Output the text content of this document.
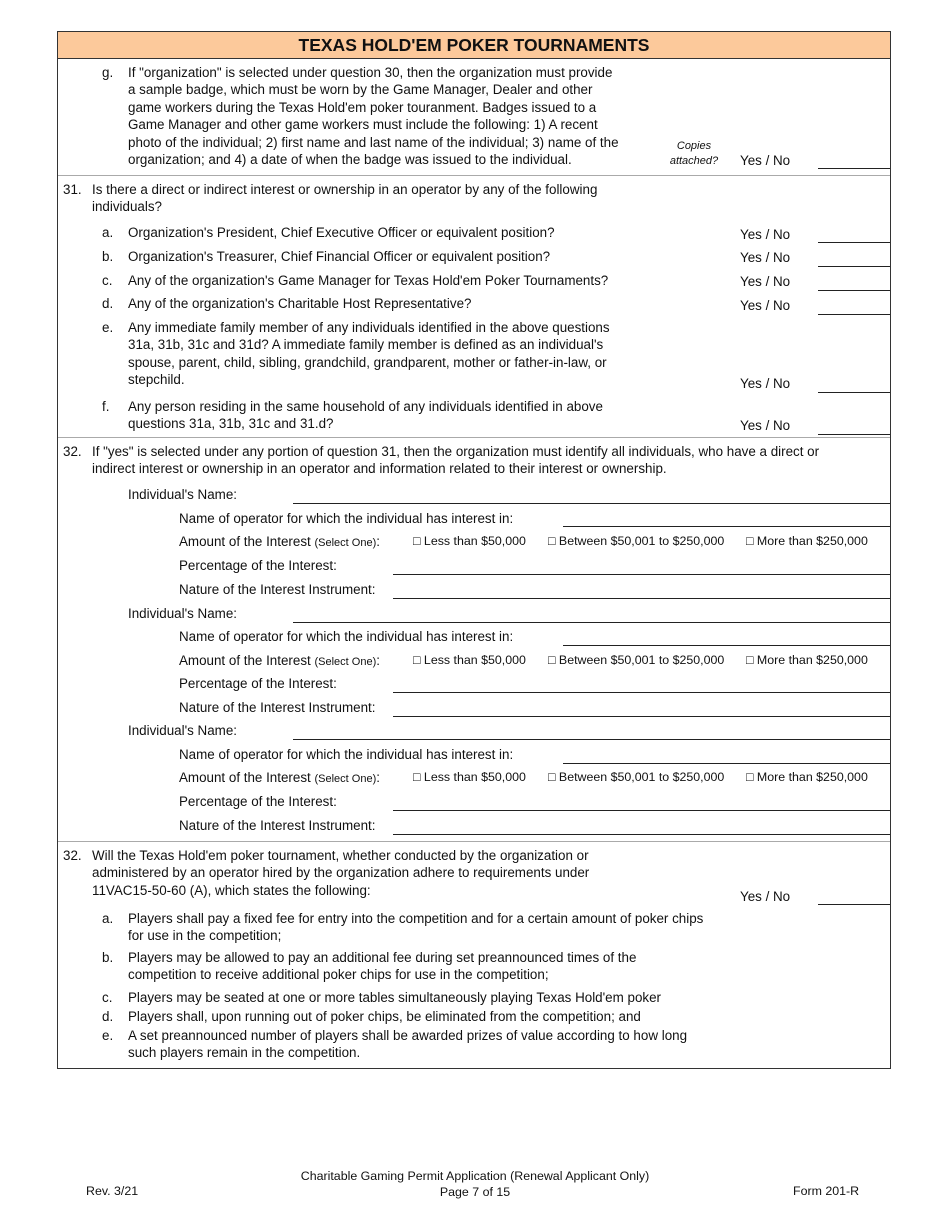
TEXAS HOLD'EM POKER TOURNAMENTS
g. If "organization" is selected under question 30, then the organization must provide
a sample badge, which must be worn by the Game Manager, Dealer and other
game workers during the Texas Hold'em poker touranment. Badges issued to a
Game Manager and other game workers must include the following: 1) A recent
photo of the individual; 2) first name and last name of the individual; 3) name of the
organization; and 4) a date of when the badge was issued to the individual.
Copies
attached? Yes / No
31. Is there a direct or indirect interest or ownership in an operator by any of the following
individuals?
a. Organization's President, Chief Executive Officer or equivalent position?	Yes / No
b. Organization's Treasurer, Chief Financial Officer or equivalent position?	Yes / No
c. Any of the organization's Game Manager for Texas Hold'em Poker Tournaments?	Yes / No
d. Any of the organization's Charitable Host Representative?	Yes / No
e. Any immediate family member of any individuals identified in the above questions
31a, 31b, 31c and 31d? A immediate family member is defined as an individual's
spouse, parent, child, sibling, grandchild, grandparent, mother or father-in-law, or
stepchild.	Yes / No
f. Any person residing in the same household of any individuals identified in above
questions 31a, 31b, 31c and 31.d?	Yes / No
32. If "yes" is selected under any portion of question 31, then the organization must identify all individuals, who have a direct or
indirect interest or ownership in an operator and information related to their interest or ownership.
Individual's Name:
Name of operator for which the individual has interest in:
Amount of the Interest (Select One):	□ Less than $50,000 □ Between $50,001 to $250,000 □ More than $250,000
Percentage of the Interest:
Nature of the Interest Instrument:
Individual's Name:
Name of operator for which the individual has interest in:
Amount of the Interest (Select One):	□ Less than $50,000 □ Between $50,001 to $250,000 □ More than $250,000
Percentage of the Interest:
Nature of the Interest Instrument:
Individual's Name:
Name of operator for which the individual has interest in:
Amount of the Interest (Select One):	□ Less than $50,000 □ Between $50,001 to $250,000 □ More than $250,000
Percentage of the Interest:
Nature of the Interest Instrument:
32. Will the Texas Hold'em poker tournament, whether conducted by the organization or
administered by an operator hired by the organization adhere to requirements under
11VAC15-50-60 (A), which states the following:	Yes / No
a. Players shall pay a fixed fee for entry into the competition and for a certain amount of poker chips
for use in the competition;
b. Players may be allowed to pay an additional fee during set preannounced times of the
competition to receive additional poker chips for use in the competition;
c. Players may be seated at one or more tables simultaneously playing Texas Hold'em poker
d. Players shall, upon running out of poker chips, be eliminated from the competition; and
e. A set preannounced number of players shall be awarded prizes of value according to how long
such players remain in the competition.
Rev. 3/21
Charitable Gaming Permit Application (Renewal Applicant Only)
Page 7 of 15	Form 201-R
